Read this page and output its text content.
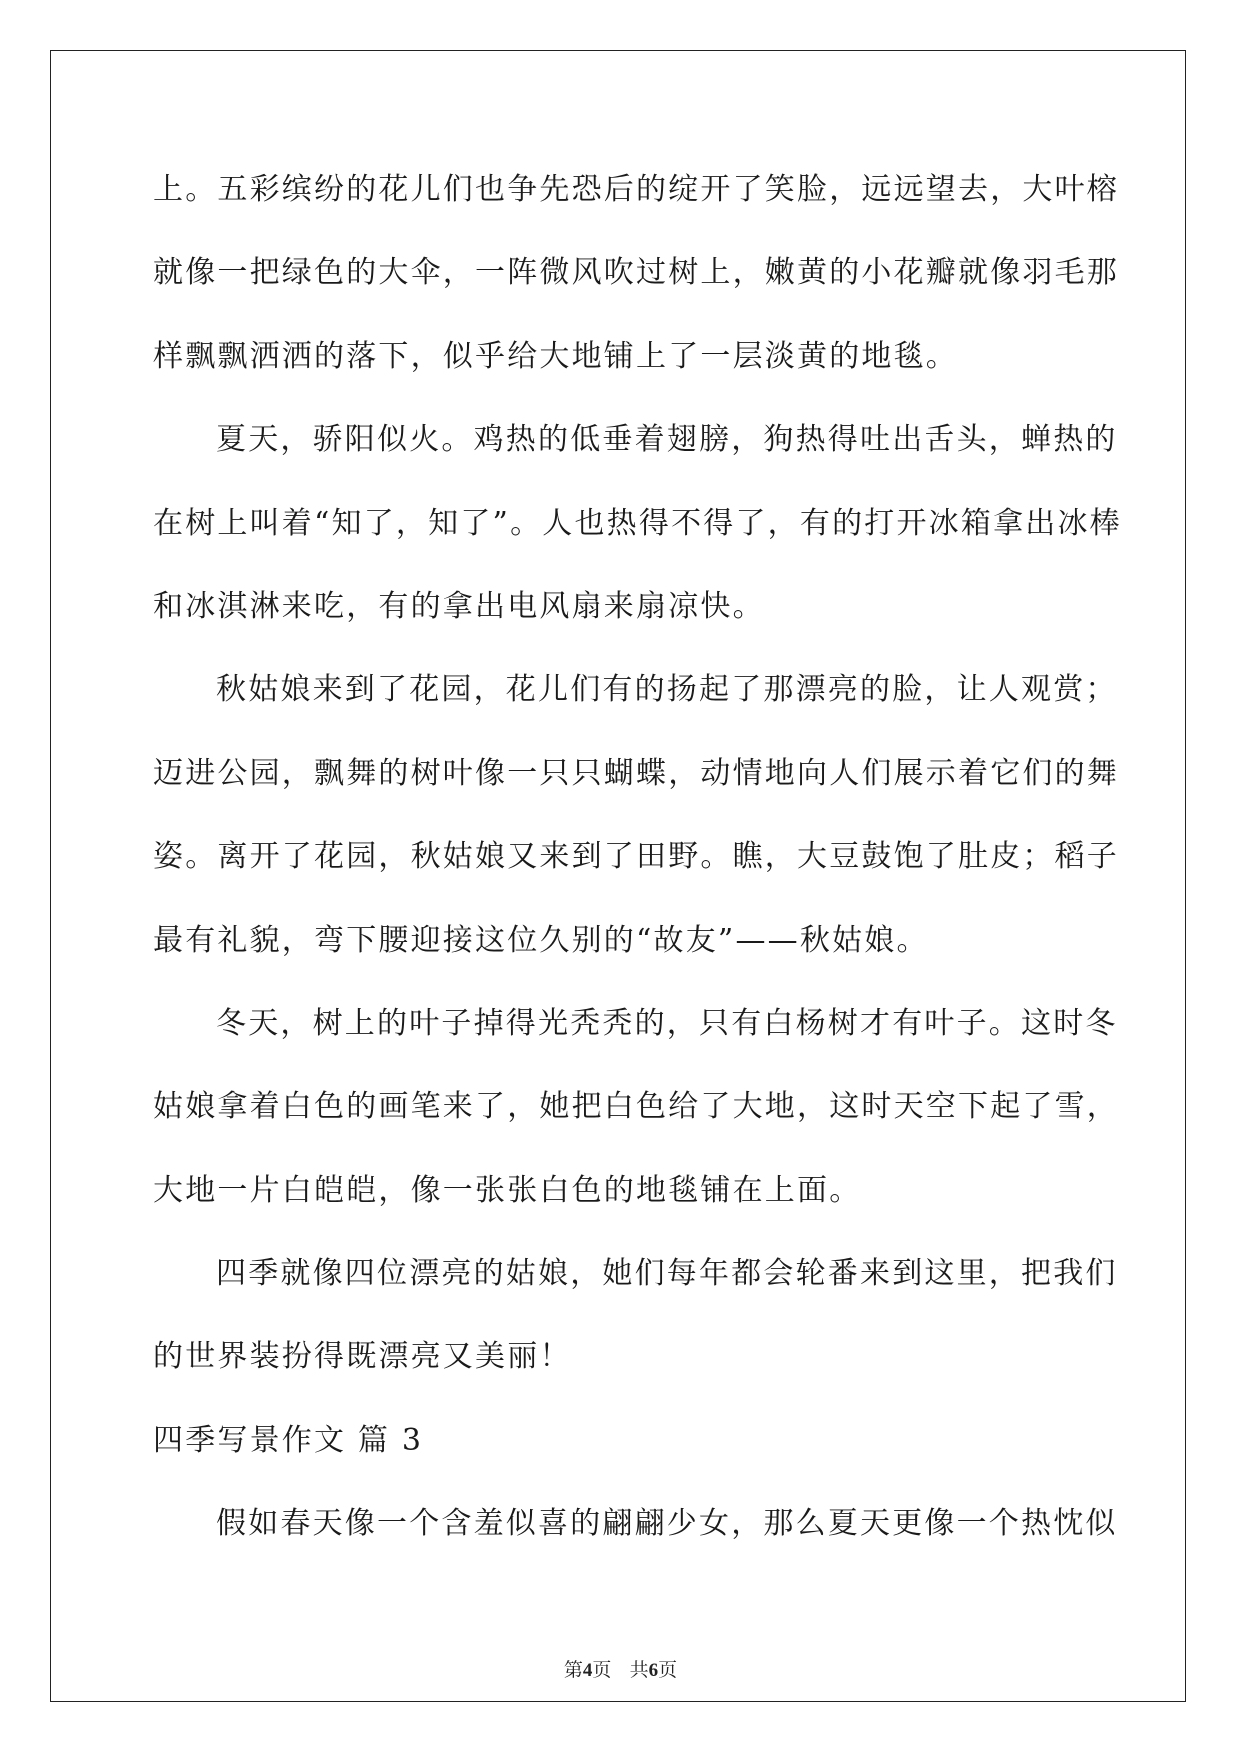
上。五彩缤纷的花儿们也争先恐后的绽开了笑脸，远远望去，大叶榕
就像一把绿色的大伞，一阵微风吹过树上，嫩黄的小花瓣就像羽毛那
样飘飘洒洒的落下，似乎给大地铺上了一层淡黄的地毯。
夏天，骄阳似火。鸡热的低垂着翅膀，狗热得吐出舌头，蝉热的
在树上叫着“知了，知了”。人也热得不得了，有的打开冰箱拿出冰棒
和冰淇淋来吃，有的拿出电风扇来扇凉快。
秋姑娘来到了花园，花儿们有的扬起了那漂亮的脸，让人观赏；
迈进公园，飘舞的树叶像一只只蝴蝶，动情地向人们展示着它们的舞
姿。离开了花园，秋姑娘又来到了田野。瞧，大豆鼓饱了肚皮；稻子
最有礼貌，弯下腰迎接这位久别的“故友”——秋姑娘。
冬天，树上的叶子掉得光秃秃的，只有白杨树才有叶子。这时冬
姑娘拿着白色的画笔来了，她把白色给了大地，这时天空下起了雪，
大地一片白皑皑，像一张张白色的地毯铺在上面。
四季就像四位漂亮的姑娘，她们每年都会轮番来到这里，把我们
的世界装扮得既漂亮又美丽！
四季写景作文 篇 3
假如春天像一个含羞似喜的翩翩少女，那么夏天更像一个热忱似
第4页 共6页
